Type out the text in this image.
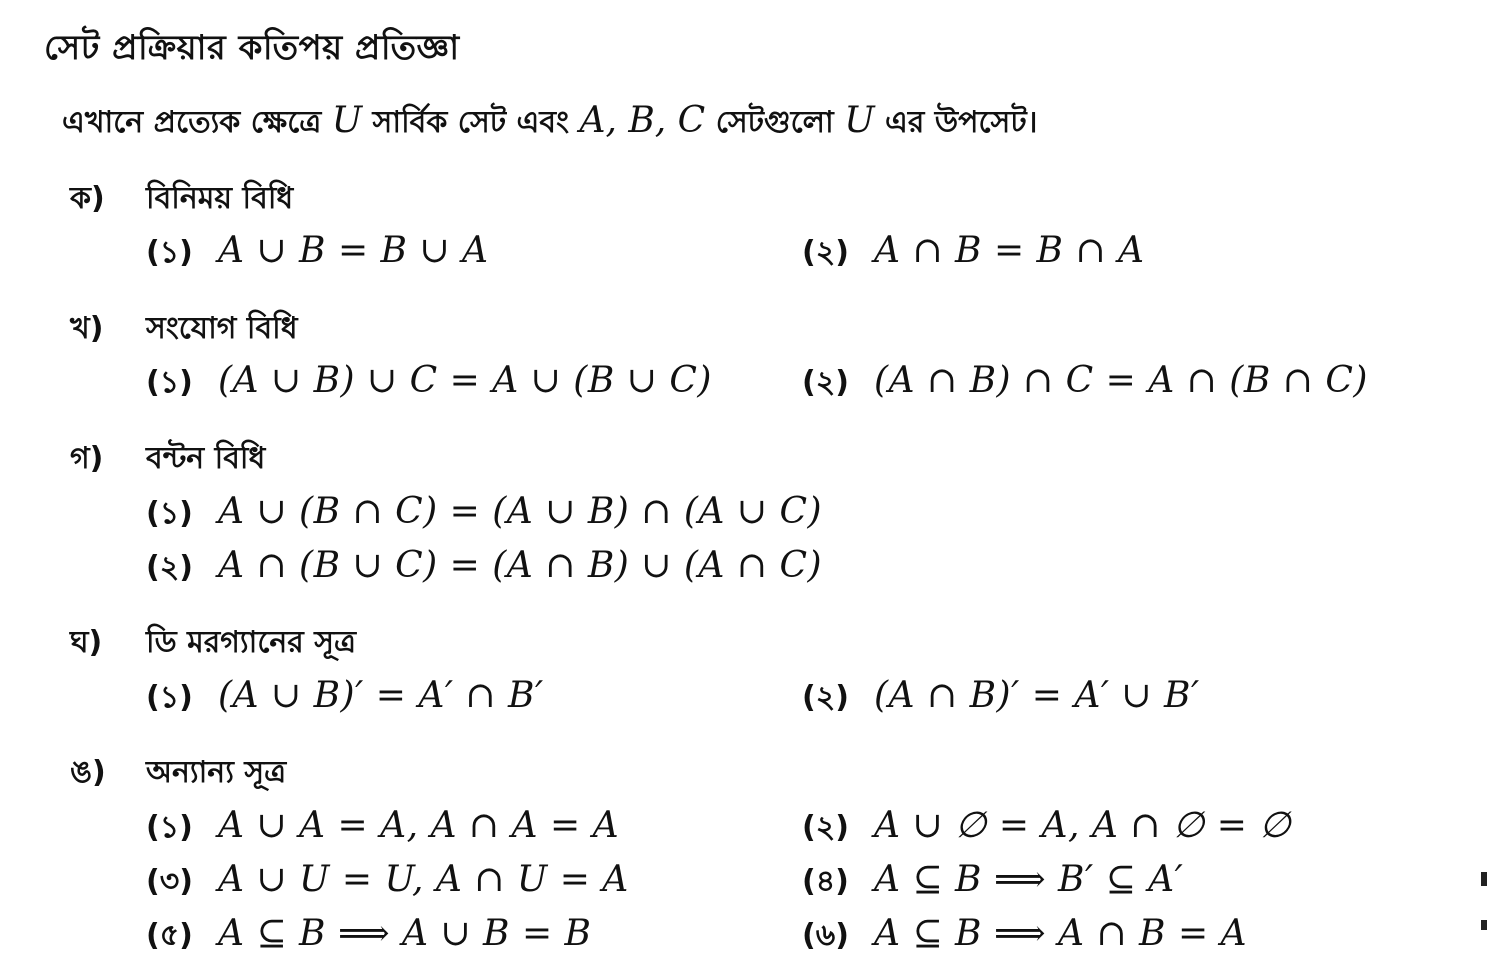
সেট প্রক্রিয়ার কতিপয় প্রতিজ্ঞা
এখানে প্রত্যেক ক্ষেত্রে U সার্বিক সেট এবং A, B, C সেটগুলো U এর উপসেট।
ক) বিনিময় বিধি
(১) A ∪ B = B ∪ A	(২) A ∩ B = B ∩ A
খ) সংযোগ বিধি
(১) (A ∪ B) ∪ C = A ∪ (B ∪ C)	(২) (A ∩ B) ∩ C = A ∩ (B ∩ C)
গ) বন্টন বিধি
(১) A ∪ (B ∩ C) = (A ∪ B) ∩ (A ∪ C)
(২) A ∩ (B ∪ C) = (A ∩ B) ∪ (A ∩ C)
ঘ) ডি মরগ্যানের সূত্র
(১) (A ∪ B)′ = A′ ∩ B′	(২) (A ∩ B)′ = A′ ∪ B′
ঙ) অন্যান্য সূত্র
(১) A ∪ A = A, A ∩ A = A	(২) A ∪ ∅ = A, A ∩ ∅ = ∅
(৩) A ∪ U = U, A ∩ U = A	(৪) A ⊆ B ⟹ B′ ⊆ A′
(৫) A ⊆ B ⟹ A ∪ B = B	(৬) A ⊆ B ⟹ A ∩ B = A
